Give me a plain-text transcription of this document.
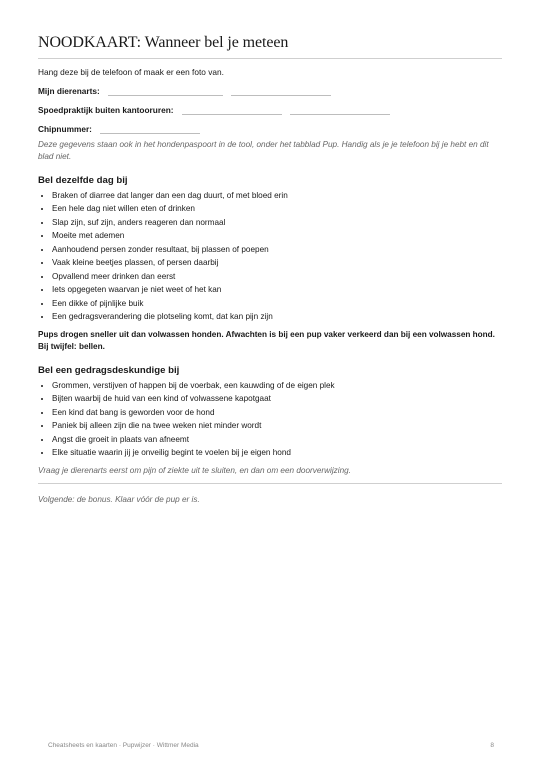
NOODKAART: Wanneer bel je meteen

Hang deze bij de telefoon of maak er een foto van.

Mijn dierenarts:
Spoedpraktijk buiten kantooruren:
Chipnummer:

Deze gegevens staan ook in het hondenpaspoort in de tool, onder het tabblad Pup. Handig als je je telefoon bij je hebt en dit blad niet.

Bel dezelfde dag bij
• Braken of diarree dat langer dan een dag duurt, of met bloed erin
• Een hele dag niet willen eten of drinken
• Slap zijn, suf zijn, anders reageren dan normaal
• Moeite met ademen
• Aanhoudend persen zonder resultaat, bij plassen of poepen
• Vaak kleine beetjes plassen, of persen daarbij
• Opvallend meer drinken dan eerst
• Iets opgegeten waarvan je niet weet of het kan
• Een dikke of pijnlijke buik
• Een gedragsverandering die plotseling komt, dat kan pijn zijn

Pups drogen sneller uit dan volwassen honden. Afwachten is bij een pup vaker verkeerd dan bij een volwassen hond. Bij twijfel: bellen.

Bel een gedragsdeskundige bij
• Grommen, verstijven of happen bij de voerbak, een kauwding of de eigen plek
• Bijten waarbij de huid van een kind of volwassene kapotgaat
• Een kind dat bang is geworden voor de hond
• Paniek bij alleen zijn die na twee weken niet minder wordt
• Angst die groeit in plaats van afneemt
• Elke situatie waarin jij je onveilig begint te voelen bij je eigen hond

Vraag je dierenarts eerst om pijn of ziekte uit te sluiten, en dan om een doorverwijzing.

Volgende: de bonus. Klaar vóór de pup er is.

Cheatsheets en kaarten · Pupwijzer · Wittmer Media	8
